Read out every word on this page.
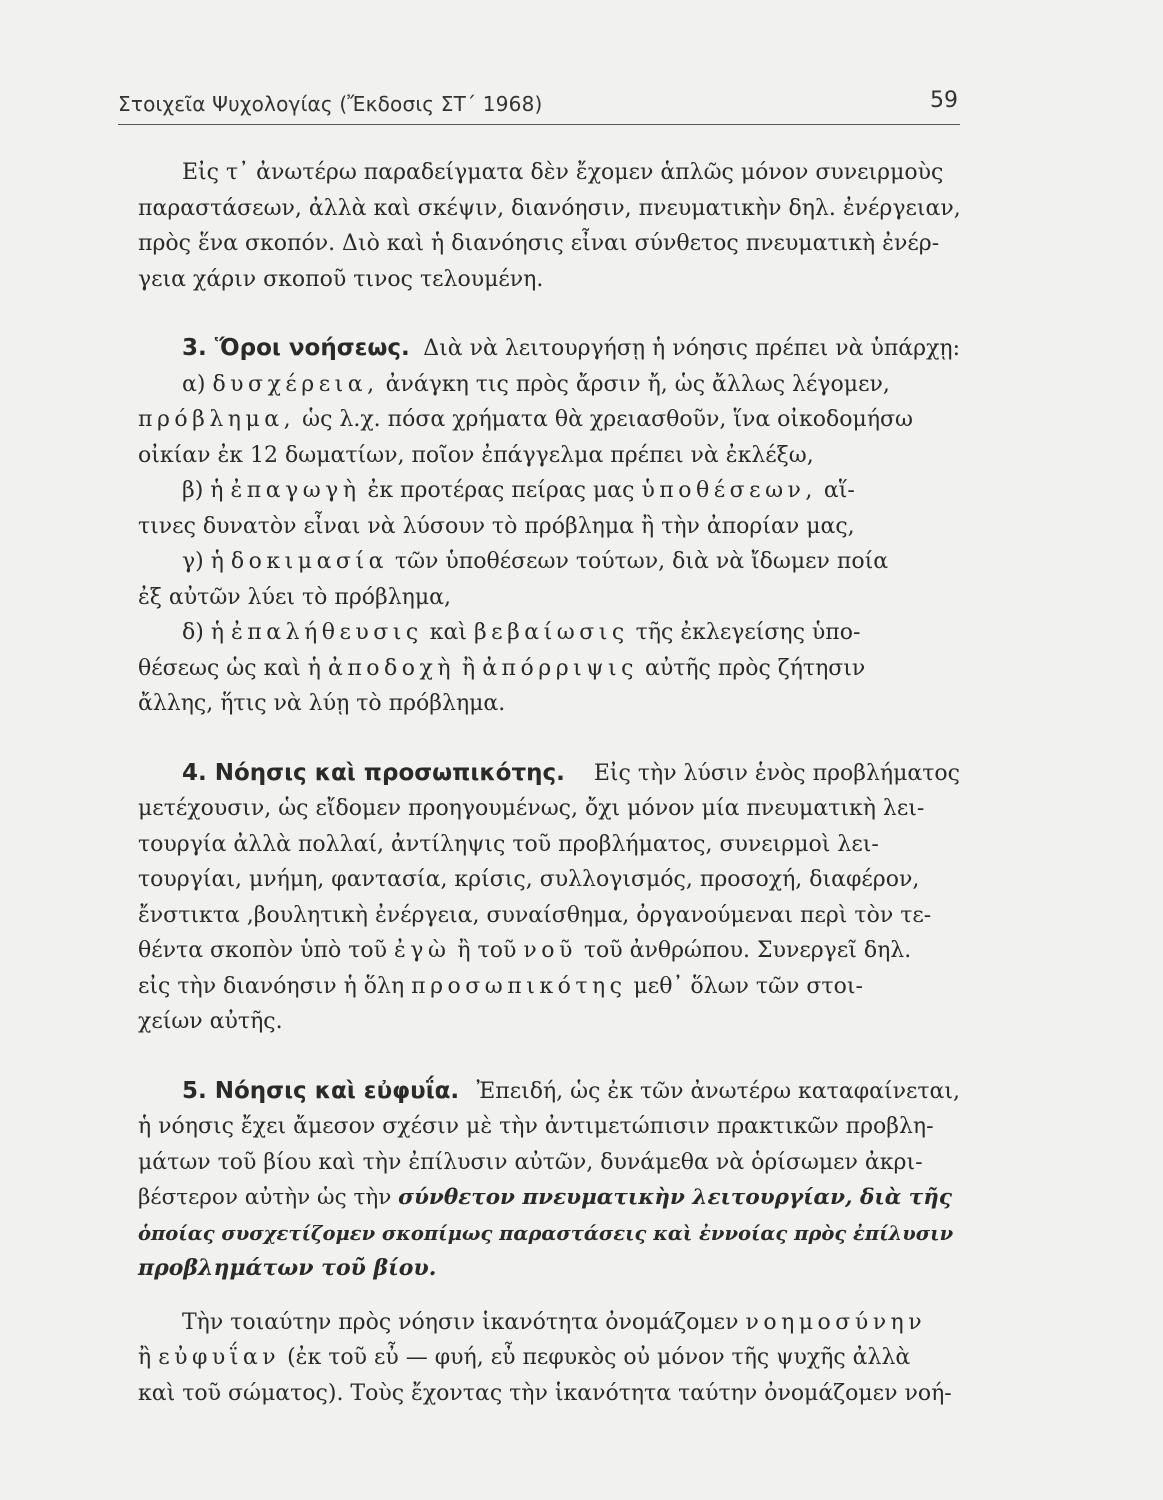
Στοιχεῖα Ψυχολογίας (Ἔκδοσις ΣΤ΄ 1968)	59
Εἰς τ᾿ ἀνωτέρω παραδείγματα δὲν ἔχομεν ἁπλῶς μόνον συνειρμοὺς
παραστάσεων, ἀλλὰ καὶ σκέψιν, διανόησιν, πνευματικὴν δηλ. ἐνέργειαν,
πρὸς ἕνα σκοπόν. Διὸ καὶ ἡ διανόησις εἶναι σύνθετος πνευματικὴ ἐνέρ-
γεια χάριν σκοποῦ τινος τελουμένη.
3. Ὅροι νοήσεως. Διὰ νὰ λειτουργήσῃ ἡ νόησις πρέπει νὰ ὑπάρχῃ:
α) δυσχέρεια, ἀνάγκη τις πρὸς ἄρσιν ἤ, ὡς ἄλλως λέγομεν,
πρόβλημα, ὡς λ.χ. πόσα χρήματα θὰ χρειασθοῦν, ἵνα οἰκοδομήσω
οἰκίαν ἐκ 12 δωματίων, ποῖον ἐπάγγελμα πρέπει νὰ ἐκλέξω,
β) ἡ ἐπαγωγὴ ἐκ προτέρας πείρας μας ὑποθέσεων, αἵ-
τινες δυνατὸν εἶναι νὰ λύσουν τὸ πρόβλημα ἢ τὴν ἀπορίαν μας,
γ) ἡ δοκιμασία τῶν ὑποθέσεων τούτων, διὰ νὰ ἴδωμεν ποία
ἐξ αὐτῶν λύει τὸ πρόβλημα,
δ) ἡ ἐπαλήθευσις καὶ βεβαίωσις τῆς ἐκλεγείσης ὑπο-
θέσεως ὡς καὶ ἡ ἀποδοχὴ ἢ ἀπόρριψις αὐτῆς πρὸς ζήτησιν
ἄλλης, ἥτις νὰ λύῃ τὸ πρόβλημα.
4. Νόησις καὶ προσωπικότης. Εἰς τὴν λύσιν ἑνὸς προβλήματος
μετέχουσιν, ὡς εἴδομεν προηγουμένως, ὄχι μόνον μία πνευματικὴ λει-
τουργία ἀλλὰ πολλαί, ἀντίληψις τοῦ προβλήματος, συνειρμοὶ λει-
τουργίαι, μνήμη, φαντασία, κρίσις, συλλογισμός, προσοχή, διαφέρον,
ἔνστικτα ,βουλητικὴ ἐνέργεια, συναίσθημα, ὀργανούμεναι περὶ τὸν τε-
θέντα σκοπὸν ὑπὸ τοῦ ἐγὼ ἢ τοῦ νοῦ τοῦ ἀνθρώπου. Συνεργεῖ δηλ.
εἰς τὴν διανόησιν ἡ ὅλη προσωπικότης μεθ᾿ ὅλων τῶν στοι-
χείων αὐτῆς.
5. Νόησις καὶ εὐφυΐα. Ἐπειδή, ὡς ἐκ τῶν ἀνωτέρω καταφαίνεται,
ἡ νόησις ἔχει ἄμεσον σχέσιν μὲ τὴν ἀντιμετώπισιν πρακτικῶν προβλη-
μάτων τοῦ βίου καὶ τὴν ἐπίλυσιν αὐτῶν, δυνάμεθα νὰ ὁρίσωμεν ἀκρι-
βέστερον αὐτὴν ὡς τὴν σύνθετον πνευματικὴν λειτουργίαν, διὰ τῆς
ὁποίας συσχετίζομεν σκοπίμως παραστάσεις καὶ ἐννοίας πρὸς ἐπίλυσιν
προβλημάτων τοῦ βίου.
Τὴν τοιαύτην πρὸς νόησιν ἱκανότητα ὀνομάζομεν νοημοσύνην
ἢ εὐφυΐαν (ἐκ τοῦ εὖ — φυή, εὖ πεφυκὸς οὐ μόνον τῆς ψυχῆς ἀλλὰ
καὶ τοῦ σώματος). Τοὺς ἔχοντας τὴν ἱκανότητα ταύτην ὀνομάζομεν νοή-
